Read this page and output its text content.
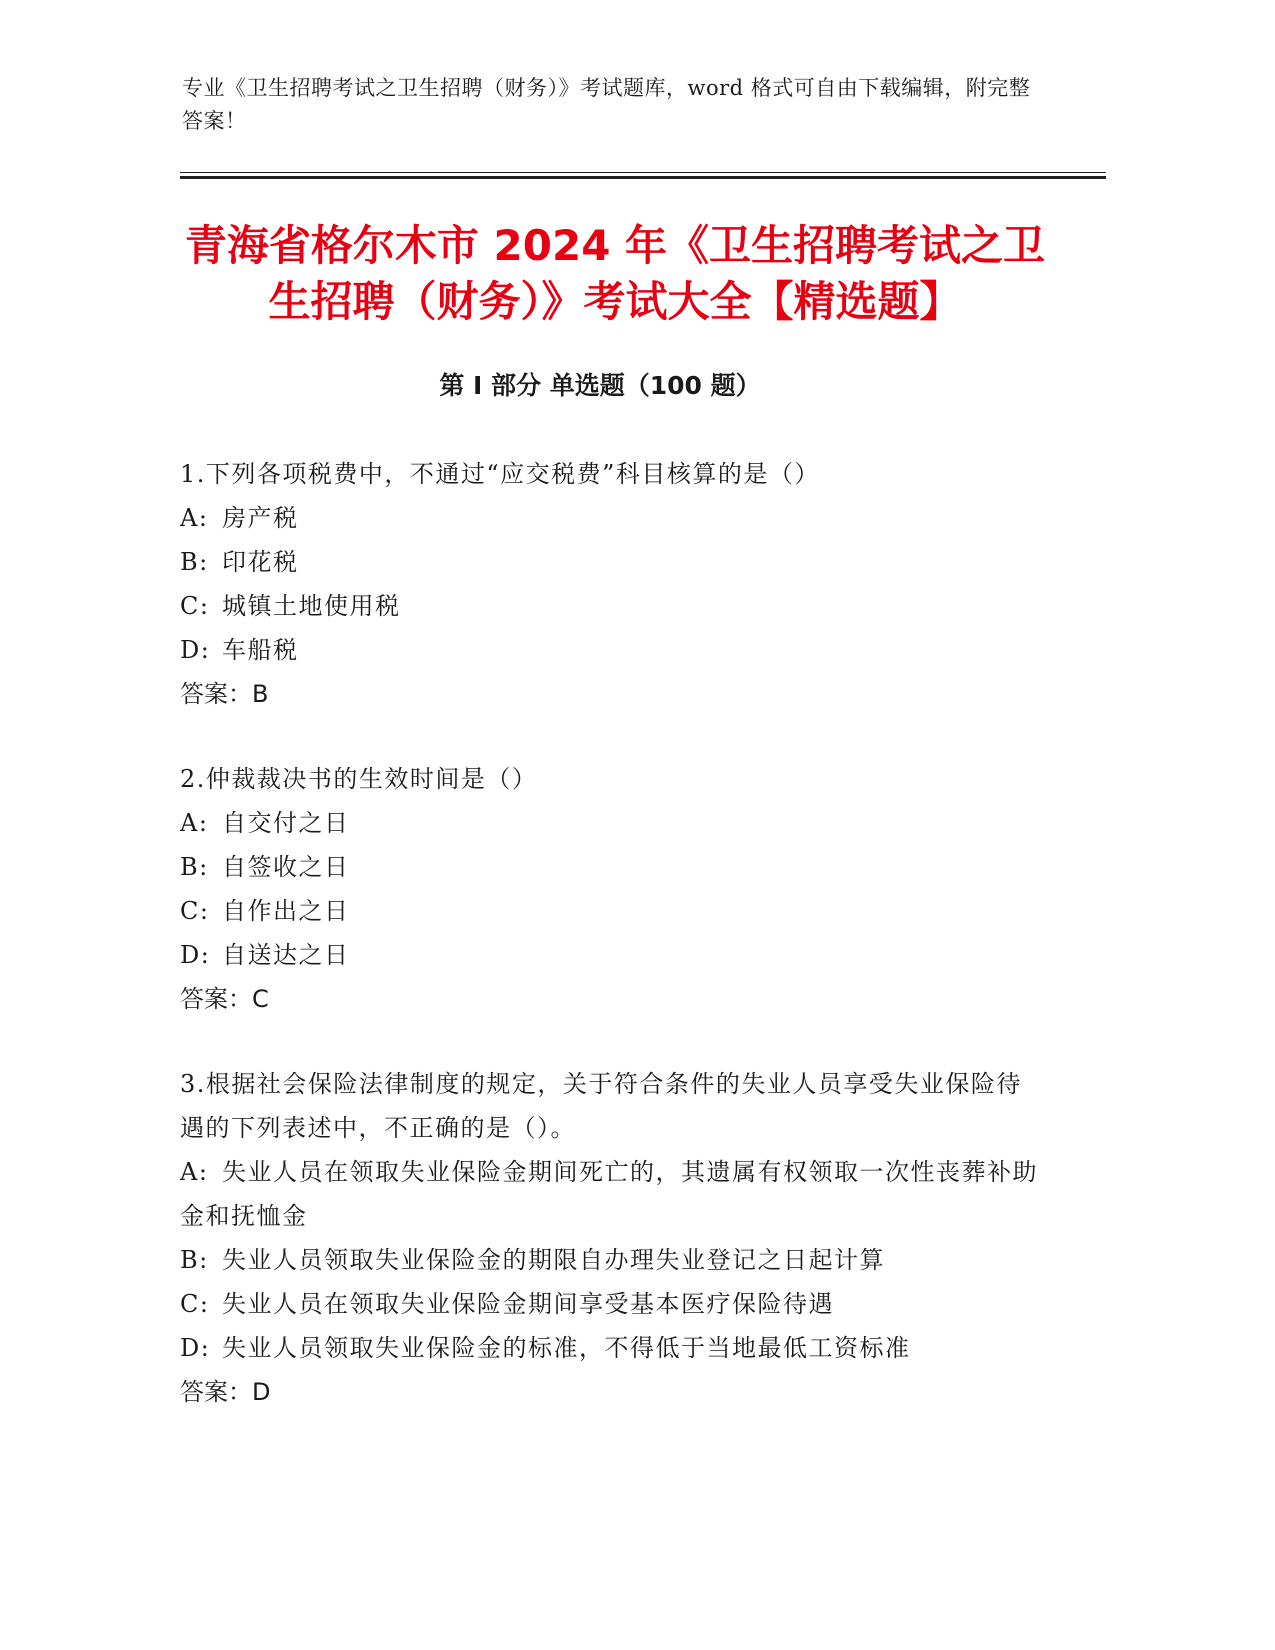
专业《卫生招聘考试之卫生招聘（财务）》考试题库，word 格式可自由下载编辑，附完整答案！
青海省格尔木市 2024 年《卫生招聘考试之卫
生招聘（财务）》考试大全【精选题】
第 I 部分 单选题（100 题）

1.下列各项税费中，不通过“应交税费”科目核算的是（）

A: 房产税

B: 印花税

C: 城镇土地使用税

D: 车船税

答案：B

2.仲裁裁决书的生效时间是（）

A: 自交付之日

B: 自签收之日

C: 自作出之日

D: 自送达之日

答案：C

3.根据社会保险法律制度的规定，关于符合条件的失业人员享受失业保险待遇的下列表述中，不正确的是（）。

A: 失业人员在领取失业保险金期间死亡的，其遗属有权领取一次性丧葬补助金和抚恤金

B: 失业人员领取失业保险金的期限自办理失业登记之日起计算

C: 失业人员在领取失业保险金期间享受基本医疗保险待遇

D: 失业人员领取失业保险金的标准，不得低于当地最低工资标准

答案：D
